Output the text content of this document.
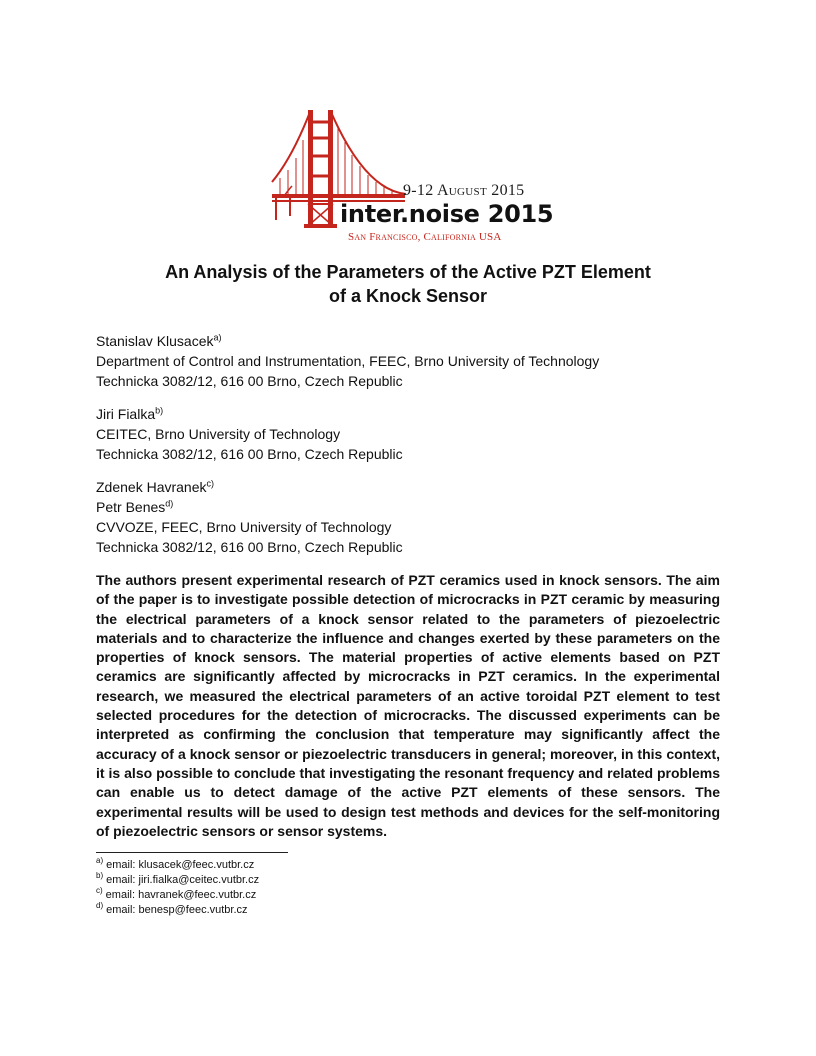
9-12 August 2015
inter.noise 2015
San Francisco, California USA
An Analysis of the Parameters of the Active PZT Element
of a Knock Sensor
Stanislav Klusacek$^{a)}$
Department of Control and Instrumentation, FEEC, Brno University of Technology
Technicka 3082/12, 616 00 Brno, Czech Republic
Jiri Fialka$^{b)}$
CEITEC, Brno University of Technology
Technicka 3082/12, 616 00 Brno, Czech Republic
Zdenek Havranek$^{c)}$
Petr Benes$^{d)}$
CVVOZE, FEEC, Brno University of Technology
Technicka 3082/12, 616 00 Brno, Czech Republic

The authors present experimental research of PZT ceramics used in knock sensors. The aim of the paper is to investigate possible detection of microcracks in PZT ceramic by measuring the electrical parameters of a knock sensor related to the parameters of piezoelectric materials and to characterize the influence and changes exerted by these parameters on the properties of knock sensors. The material properties of active elements based on PZT ceramics are significantly affected by microcracks in PZT ceramics. In the experimental research, we measured the electrical parameters of an active toroidal PZT element to test selected procedures for the detection of microcracks. The discussed experiments can be interpreted as confirming the conclusion that temperature may significantly affect the accuracy of a knock sensor or piezoelectric transducers in general; moreover, in this context, it is also possible to conclude that investigating the resonant frequency and related problems can enable us to detect damage of the active PZT elements of these sensors. The experimental results will be used to design test methods and devices for the self-monitoring of piezoelectric sensors or sensor systems.

$^{a)}$ email: klusacek@feec.vutbr.cz
$^{b)}$ email: jiri.fialka@ceitec.vutbr.cz
$^{c)}$ email: havranek@feec.vutbr.cz
$^{d)}$ email: benesp@feec.vutbr.cz
